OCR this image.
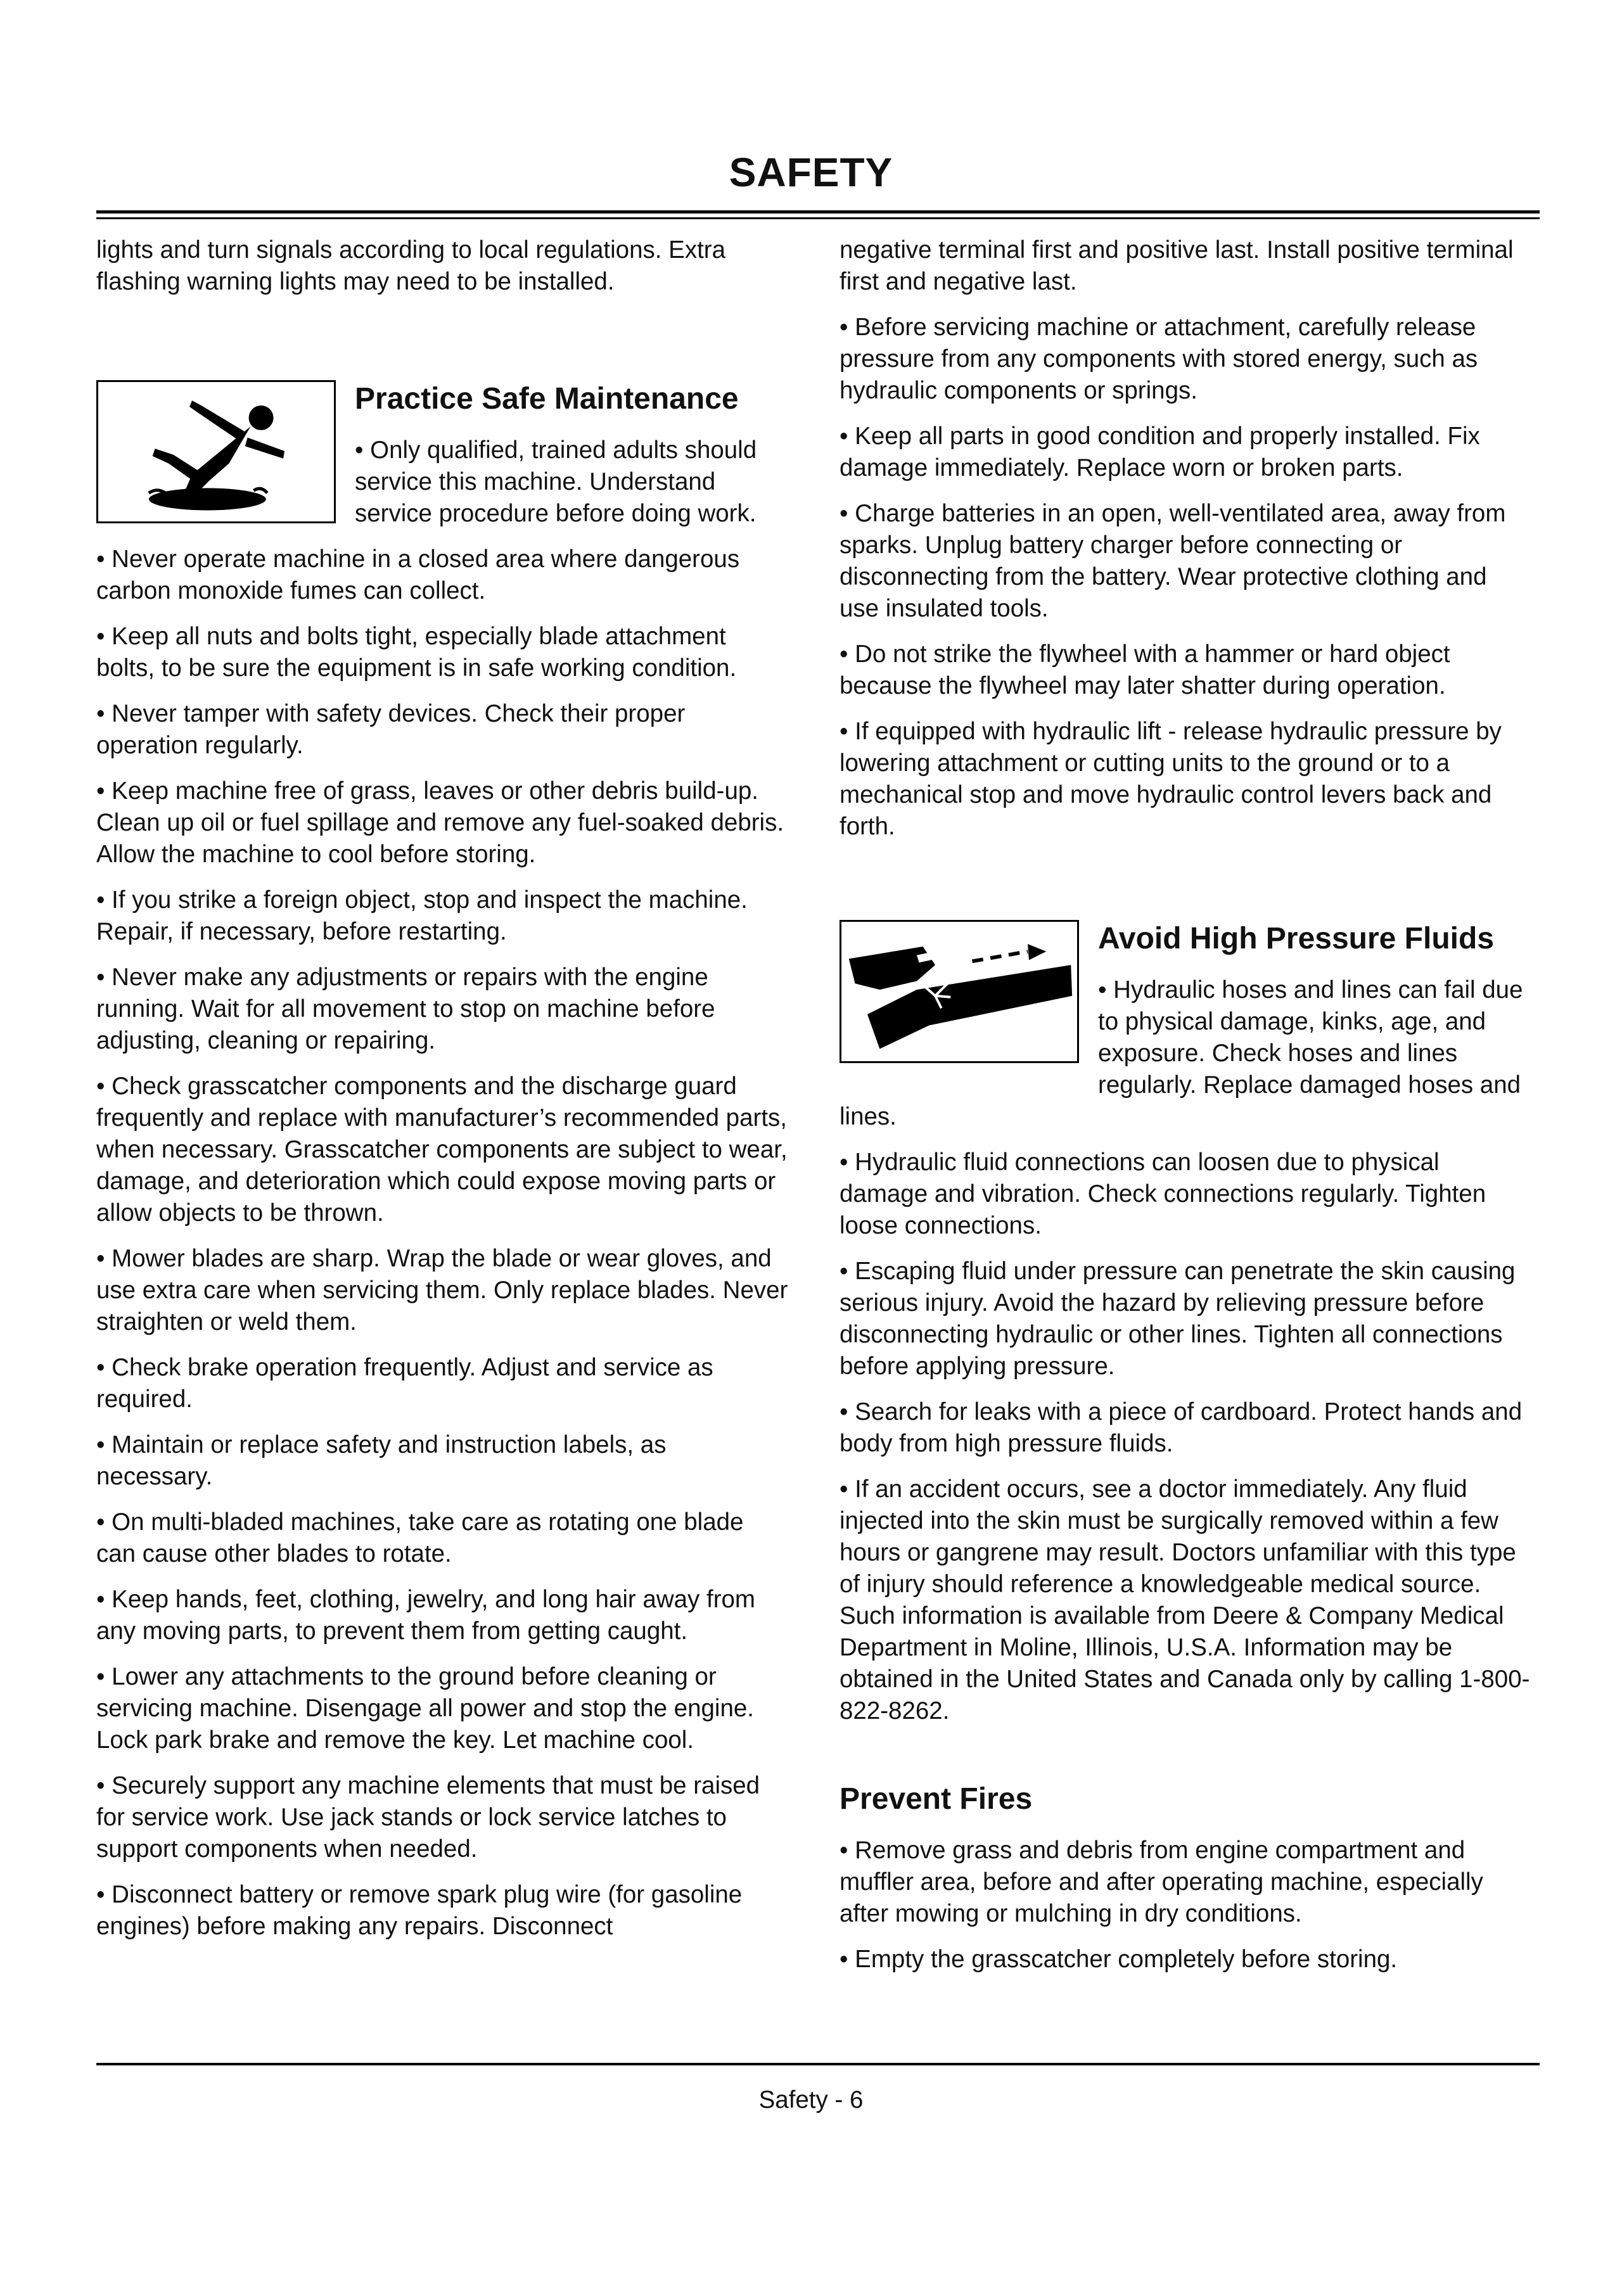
SAFETY

lights and turn signals according to local regulations. Extra flashing warning lights may need to be installed.

Practice Safe Maintenance

• Only qualified, trained adults should service this machine. Understand service procedure before doing work.

• Never operate machine in a closed area where dangerous carbon monoxide fumes can collect.

• Keep all nuts and bolts tight, especially blade attachment bolts, to be sure the equipment is in safe working condition.

• Never tamper with safety devices. Check their proper operation regularly.

• Keep machine free of grass, leaves or other debris build-up. Clean up oil or fuel spillage and remove any fuel-soaked debris. Allow the machine to cool before storing.

• If you strike a foreign object, stop and inspect the machine. Repair, if necessary, before restarting.

• Never make any adjustments or repairs with the engine running. Wait for all movement to stop on machine before adjusting, cleaning or repairing.

• Check grasscatcher components and the discharge guard frequently and replace with manufacturer’s recommended parts, when necessary. Grasscatcher components are subject to wear, damage, and deterioration which could expose moving parts or allow objects to be thrown.

• Mower blades are sharp. Wrap the blade or wear gloves, and use extra care when servicing them. Only replace blades. Never straighten or weld them.

• Check brake operation frequently. Adjust and service as required.

• Maintain or replace safety and instruction labels, as necessary.

• On multi-bladed machines, take care as rotating one blade can cause other blades to rotate.

• Keep hands, feet, clothing, jewelry, and long hair away from any moving parts, to prevent them from getting caught.

• Lower any attachments to the ground before cleaning or servicing machine. Disengage all power and stop the engine. Lock park brake and remove the key. Let machine cool.

• Securely support any machine elements that must be raised for service work. Use jack stands or lock service latches to support components when needed.

• Disconnect battery or remove spark plug wire (for gasoline engines) before making any repairs. Disconnect

negative terminal first and positive last. Install positive terminal first and negative last.

• Before servicing machine or attachment, carefully release pressure from any components with stored energy, such as hydraulic components or springs.

• Keep all parts in good condition and properly installed. Fix damage immediately. Replace worn or broken parts.

• Charge batteries in an open, well-ventilated area, away from sparks. Unplug battery charger before connecting or disconnecting from the battery. Wear protective clothing and use insulated tools.

• Do not strike the flywheel with a hammer or hard object because the flywheel may later shatter during operation.

• If equipped with hydraulic lift - release hydraulic pressure by lowering attachment or cutting units to the ground or to a mechanical stop and move hydraulic control levers back and forth.

Avoid High Pressure Fluids

• Hydraulic hoses and lines can fail due to physical damage, kinks, age, and exposure. Check hoses and lines regularly. Replace damaged hoses and lines.

• Hydraulic fluid connections can loosen due to physical damage and vibration. Check connections regularly. Tighten loose connections.

• Escaping fluid under pressure can penetrate the skin causing serious injury. Avoid the hazard by relieving pressure before disconnecting hydraulic or other lines. Tighten all connections before applying pressure.

• Search for leaks with a piece of cardboard. Protect hands and body from high pressure fluids.

• If an accident occurs, see a doctor immediately. Any fluid injected into the skin must be surgically removed within a few hours or gangrene may result. Doctors unfamiliar with this type of injury should reference a knowledgeable medical source. Such information is available from Deere & Company Medical Department in Moline, Illinois, U.S.A. Information may be obtained in the United States and Canada only by calling 1-800-822-8262.

Prevent Fires

• Remove grass and debris from engine compartment and muffler area, before and after operating machine, especially after mowing or mulching in dry conditions.

• Empty the grasscatcher completely before storing.

Safety - 6
